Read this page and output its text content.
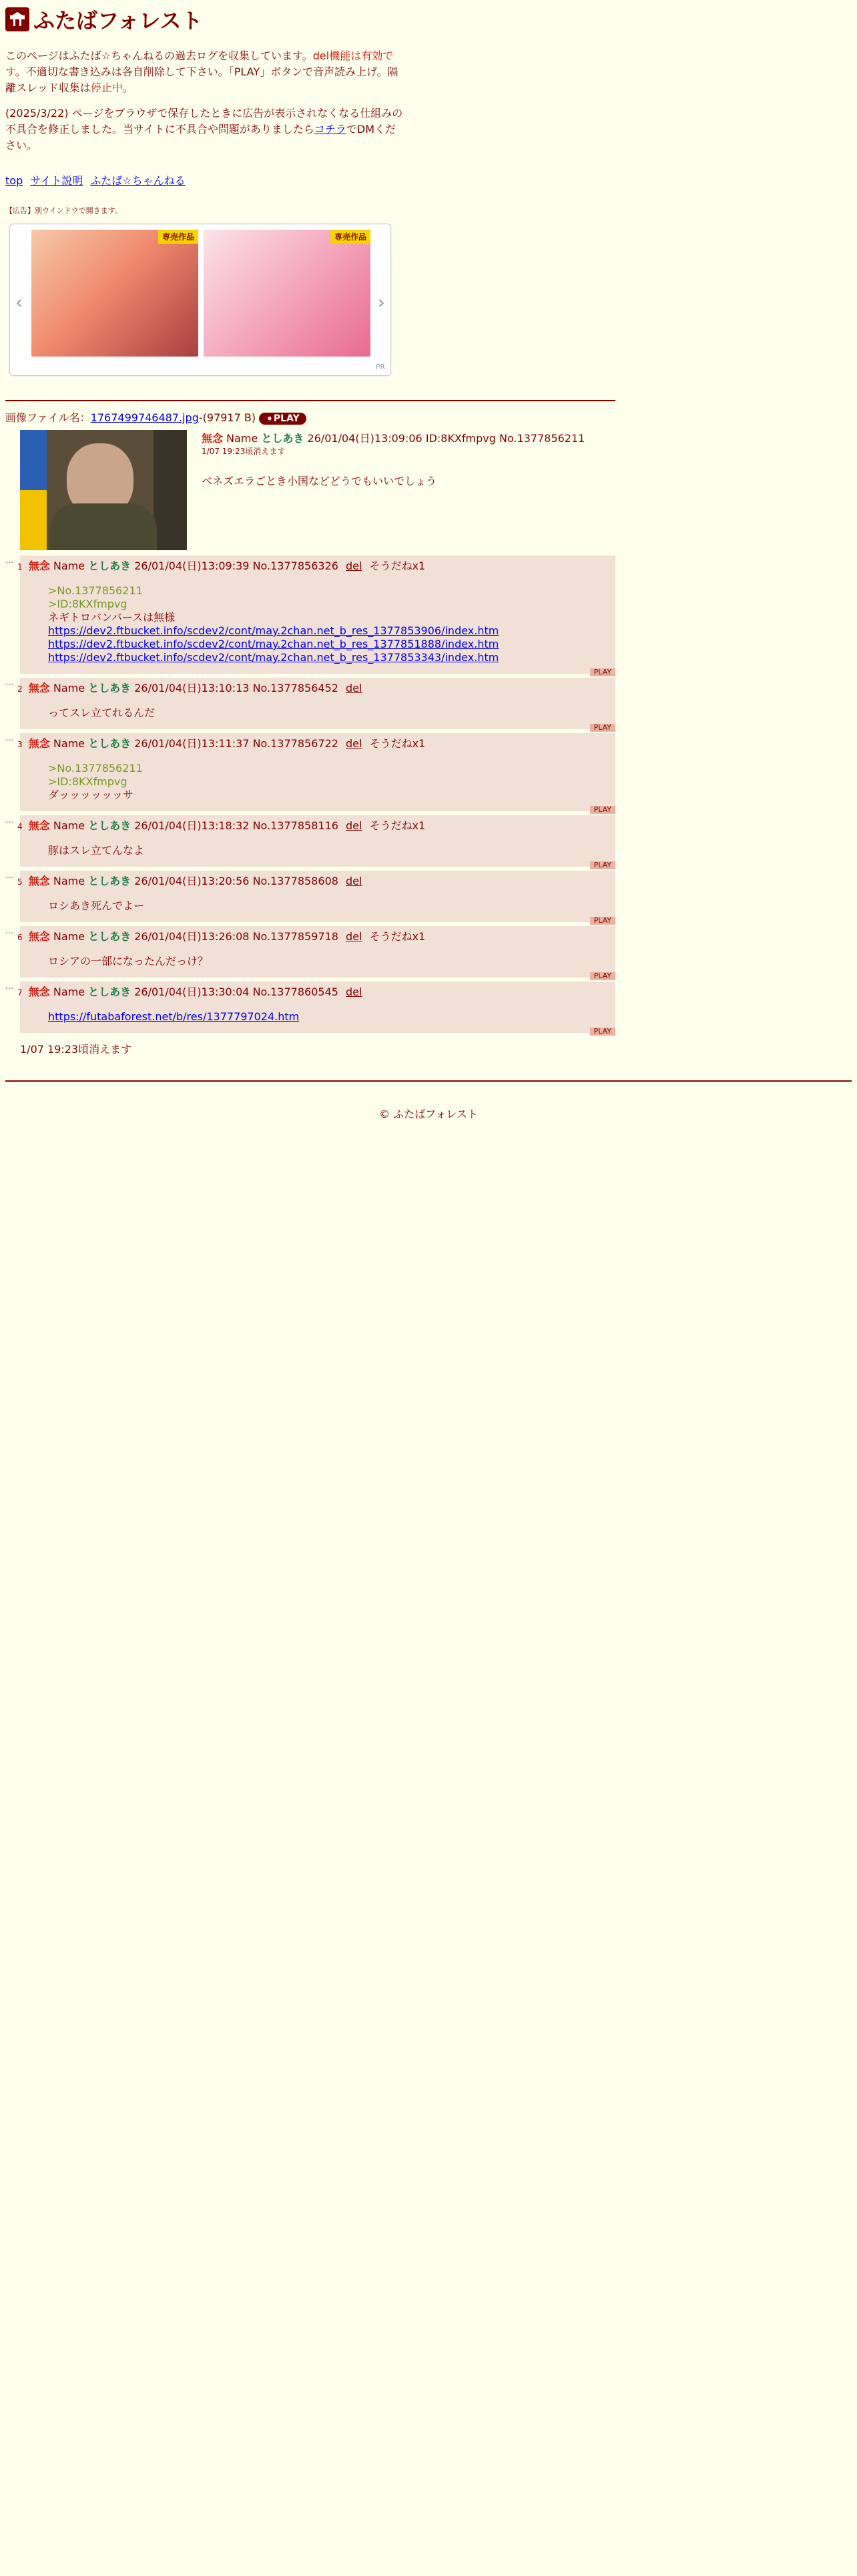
ふたばフォレスト

このページはふたば☆ちゃんねるの過去ログを収集しています。del機能は有効です。不適切な書き込みは各自削除して下さい。「PLAY」ボタンで音声読み上げ。隔離スレッド収集は停止中。

(2025/3/22) ページをブラウザで保存したときに広告が表示されなくなる仕組みの不具合を修正しました。当サイトに不具合や問題がありましたらコチラでDMください。

top サイト説明 ふたば☆ちゃんねる
【広告】別ウインドウで開きます。
‹
専売作品	専売作品
›
PR
画像ファイル名：1767499746487.jpg-(97917 B) ➧PLAY
無念 Name としあき 26/01/04(日)13:09:06 ID:8KXfmpvg No.1377856211
1/07 19:23頃消えます
ベネズエラごとき小国などどうでもいいでしょう
…
1 無念 Name としあき 26/01/04(日)13:09:39 No.1377856326 del そうだねx1
>No.1377856211
>ID:8KXfmpvg
ネギトロバンバースは無様
https://dev2.ftbucket.info/scdev2/cont/may.2chan.net_b_res_1377853906/index.htm
https://dev2.ftbucket.info/scdev2/cont/may.2chan.net_b_res_1377851888/index.htm
https://dev2.ftbucket.info/scdev2/cont/may.2chan.net_b_res_1377853343/index.htm
PLAY
…
2 無念 Name としあき 26/01/04(日)13:10:13 No.1377856452 del
ってスレ立てれるんだ
PLAY
…
3 無念 Name としあき 26/01/04(日)13:11:37 No.1377856722 del そうだねx1
>No.1377856211
>ID:8KXfmpvg
ダッッッッッッサ
PLAY
…
4 無念 Name としあき 26/01/04(日)13:18:32 No.1377858116 del そうだねx1
豚はスレ立てんなよ
PLAY
…
5 無念 Name としあき 26/01/04(日)13:20:56 No.1377858608 del
ロシあき死んでよー
PLAY
…
6 無念 Name としあき 26/01/04(日)13:26:08 No.1377859718 del そうだねx1
ロシアの一部になったんだっけ？
PLAY
…
7 無念 Name としあき 26/01/04(日)13:30:04 No.1377860545 del
https://futabaforest.net/b/res/1377797024.htm
PLAY
1/07 19:23頃消えます
© ふたばフォレスト
